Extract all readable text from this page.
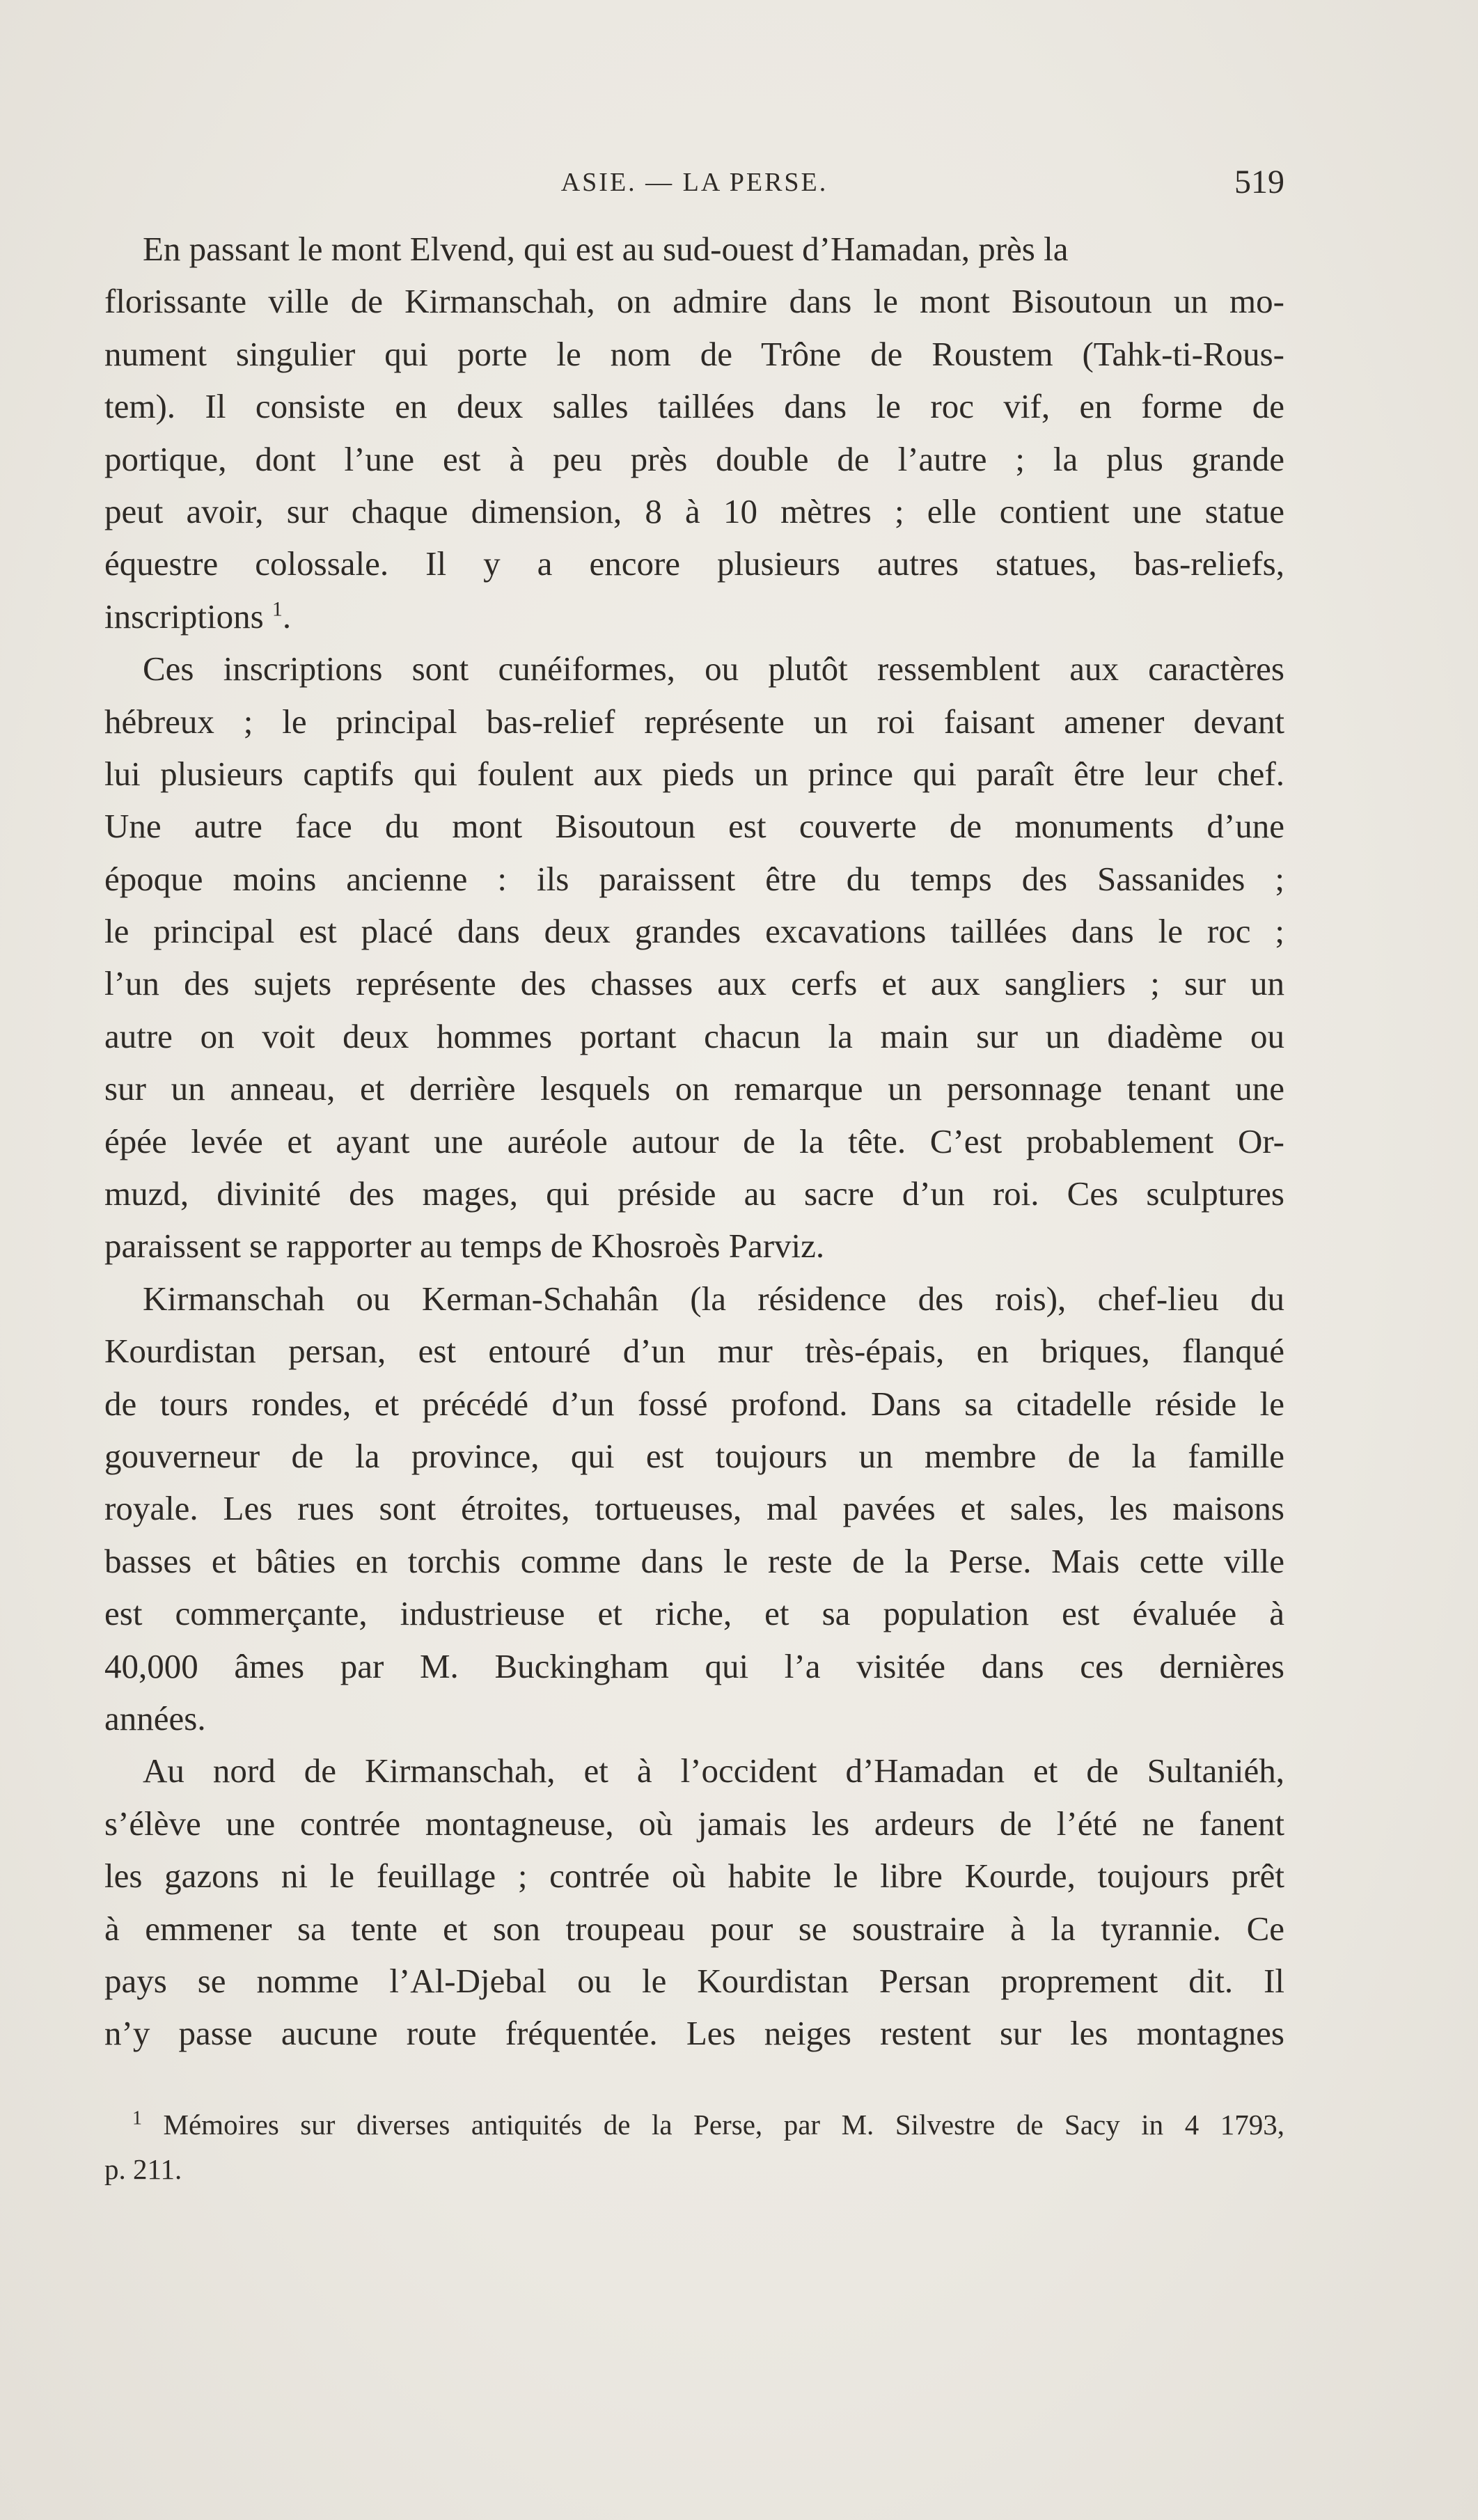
ASIE. — LA PERSE.	519
En passant le mont Elvend, qui est au sud-ouest d’Hamadan, près la
florissante ville de Kirmanschah, on admire dans le mont Bisoutoun un mo-
nument singulier qui porte le nom de Trône de Roustem (Tahk-ti-Rous-
tem). Il consiste en deux salles taillées dans le roc vif, en forme de
portique, dont l’une est à peu près double de l’autre ; la plus grande
peut avoir, sur chaque dimension, 8 à 10 mètres ; elle contient une statue
équestre colossale. Il y a encore plusieurs autres statues, bas-reliefs,
inscriptions $^1$.
Ces inscriptions sont cunéiformes, ou plutôt ressemblent aux caractères
hébreux ; le principal bas-relief représente un roi faisant amener devant
lui plusieurs captifs qui foulent aux pieds un prince qui paraît être leur chef.
Une autre face du mont Bisoutoun est couverte de monuments d’une
époque moins ancienne : ils paraissent être du temps des Sassanides ;
le principal est placé dans deux grandes excavations taillées dans le roc ;
l’un des sujets représente des chasses aux cerfs et aux sangliers ; sur un
autre on voit deux hommes portant chacun la main sur un diadème ou
sur un anneau, et derrière lesquels on remarque un personnage tenant une
épée levée et ayant une auréole autour de la tête. C’est probablement Or-
muzd, divinité des mages, qui préside au sacre d’un roi. Ces sculptures
paraissent se rapporter au temps de Khosroès Parviz.
Kirmanschah ou Kerman-Schahân (la résidence des rois), chef-lieu du
Kourdistan persan, est entouré d’un mur très-épais, en briques, flanqué
de tours rondes, et précédé d’un fossé profond. Dans sa citadelle réside le
gouverneur de la province, qui est toujours un membre de la famille
royale. Les rues sont étroites, tortueuses, mal pavées et sales, les maisons
basses et bâties en torchis comme dans le reste de la Perse. Mais cette ville
est commerçante, industrieuse et riche, et sa population est évaluée à
40,000 âmes par M. Buckingham qui l’a visitée dans ces dernières
années.
Au nord de Kirmanschah, et à l’occident d’Hamadan et de Sultaniéh,
s’élève une contrée montagneuse, où jamais les ardeurs de l’été ne fanent
les gazons ni le feuillage ; contrée où habite le libre Kourde, toujours prêt
à emmener sa tente et son troupeau pour se soustraire à la tyrannie. Ce
pays se nomme l’Al-Djebal ou le Kourdistan Persan proprement dit. Il
n’y passe aucune route fréquentée. Les neiges restent sur les montagnes
$^1$ Mémoires sur diverses antiquités de la Perse, par M. Silvestre de Sacy in 4 1793,
p. 211.
